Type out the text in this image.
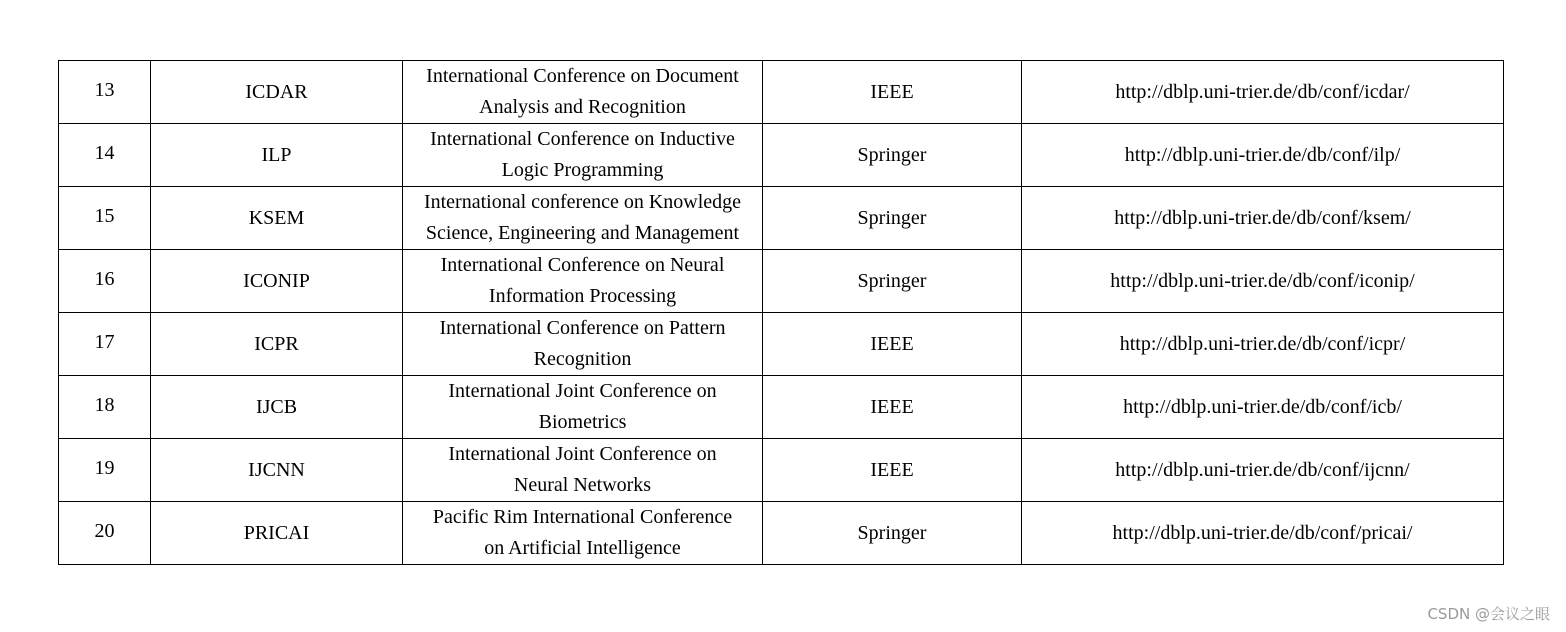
13	ICDAR	International Conference on Document
Analysis and Recognition	IEEE	http://dblp.uni-trier.de/db/conf/icdar/
14	ILP	International Conference on Inductive
Logic Programming	Springer	http://dblp.uni-trier.de/db/conf/ilp/
15	KSEM	International conference on Knowledge
Science, Engineering and Management	Springer	http://dblp.uni-trier.de/db/conf/ksem/
16	ICONIP	International Conference on Neural
Information Processing	Springer	http://dblp.uni-trier.de/db/conf/iconip/
17	ICPR	International Conference on Pattern
Recognition	IEEE	http://dblp.uni-trier.de/db/conf/icpr/
18	IJCB	International Joint Conference on
Biometrics	IEEE	http://dblp.uni-trier.de/db/conf/icb/
19	IJCNN	International Joint Conference on
Neural Networks	IEEE	http://dblp.uni-trier.de/db/conf/ijcnn/
20	PRICAI	Pacific Rim International Conference
on Artificial Intelligence	Springer	http://dblp.uni-trier.de/db/conf/pricai/
CSDN @会议之眼
